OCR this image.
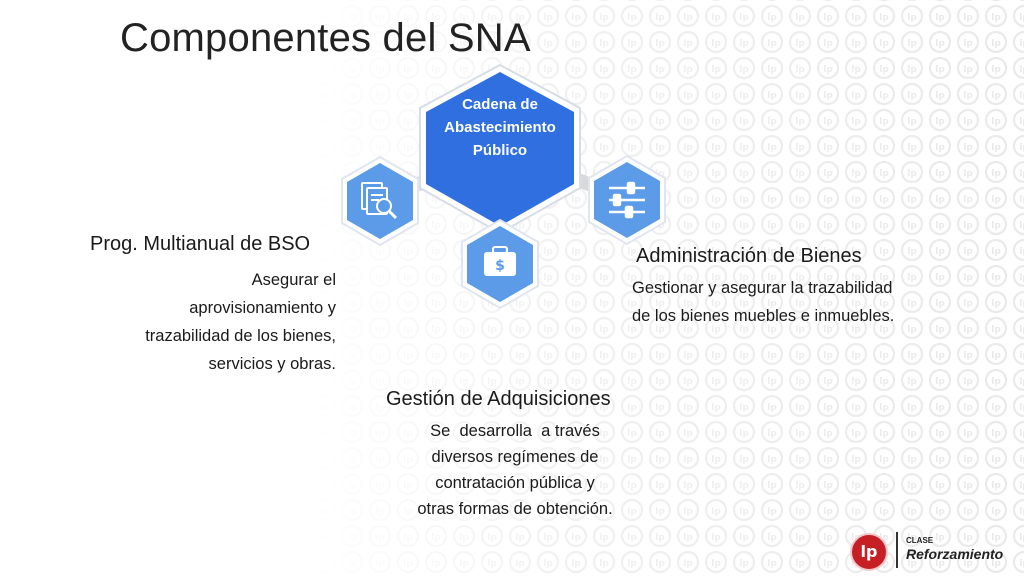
Componentes del SNA
$
Cadena de
Abastecimiento
Público
Prog. Multianual de BSO
Asegurar el
aprovisionamiento y
trazabilidad de los bienes,
servicios y obras.
Administración de Bienes
Gestionar y asegurar la trazabilidad
de los bienes muebles e inmuebles.
Gestión de Adquisiciones
Se  desarrolla  a través
diversos regímenes de
contratación pública y
otras formas de obtención.
lp
CLASE
Reforzamiento
